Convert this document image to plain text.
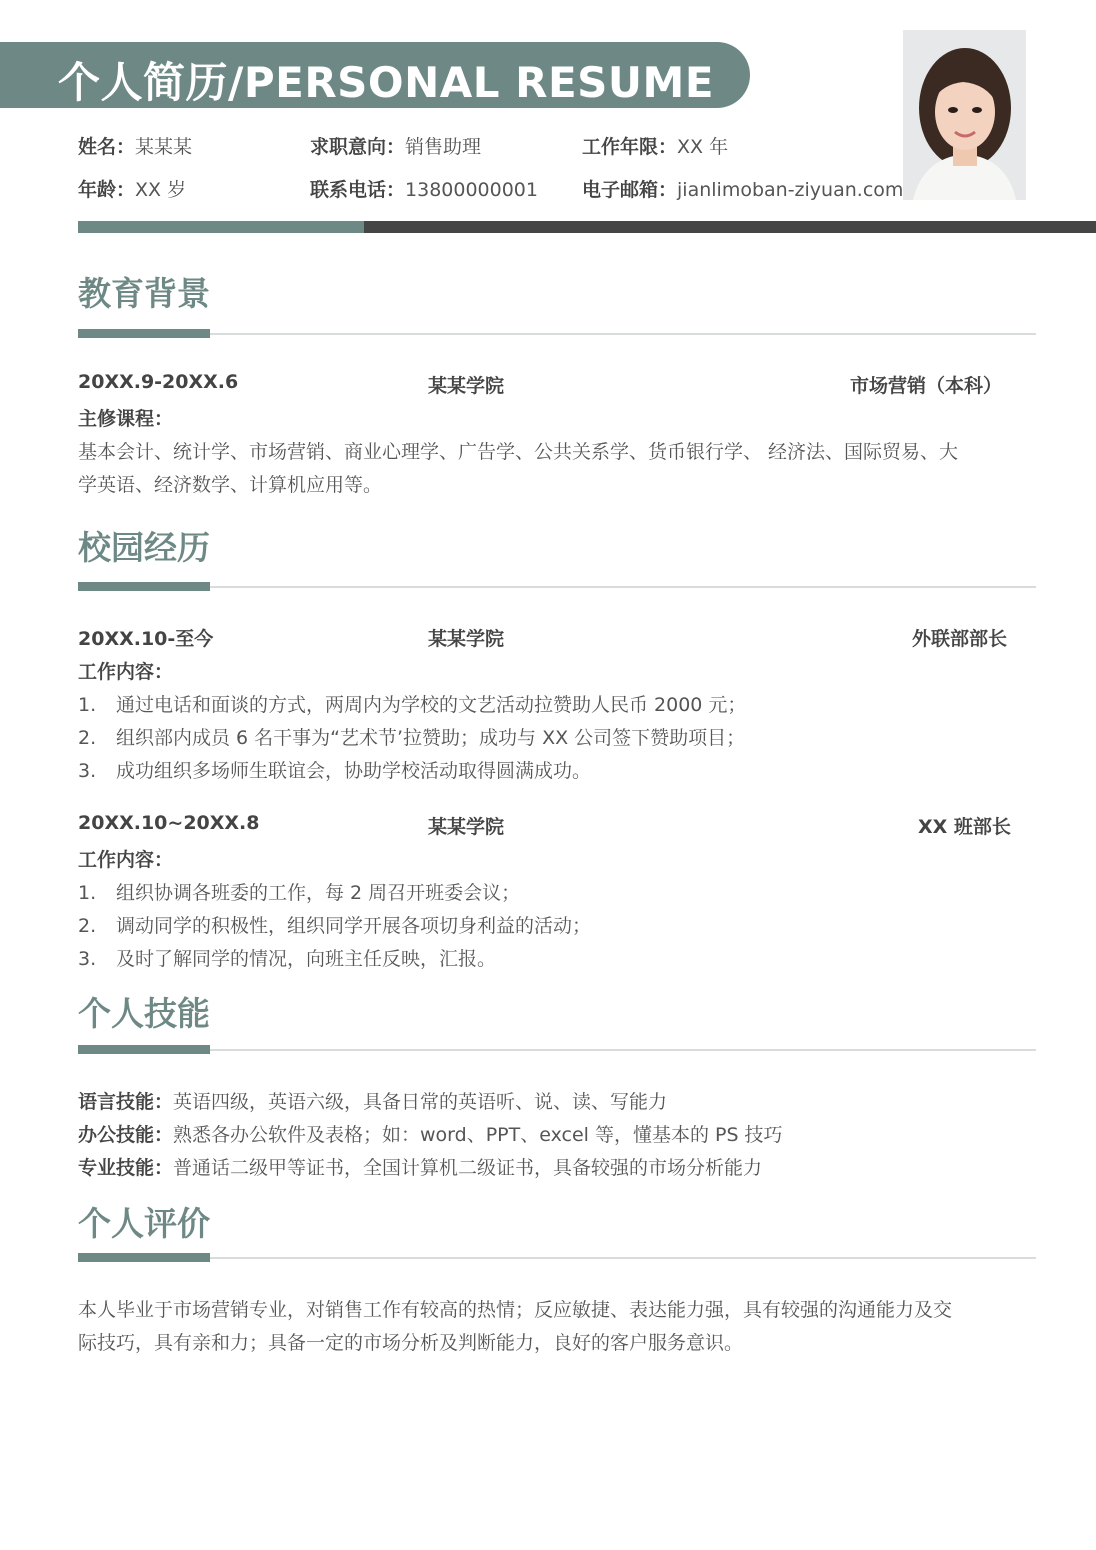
个人简历/PERSONAL RESUME
姓名：某某某	求职意向：销售助理	工作年限：XX 年
年龄：XX 岁	联系电话：13800000001 电子邮箱：jianlimoban-ziyuan.com
教育背景
20XX.9-20XX.6	某某学院	市场营销（本科）
主修课程：
基本会计、统计学、市场营销、商业心理学、广告学、公共关系学、货币银行学、 经济法、国际贸易、大
学英语、经济数学、计算机应用等。
校园经历
20XX.10-至今	某某学院	外联部部长
工作内容：
1. 通过电话和面谈的方式，两周内为学校的文艺活动拉赞助人民币 2000 元；
2. 组织部内成员 6 名干事为“艺术节’拉赞助；成功与 XX 公司签下赞助项目；
3. 成功组织多场师生联谊会，协助学校活动取得圆满成功。
20XX.10~20XX.8	某某学院	XX 班部长
工作内容：
1. 组织协调各班委的工作，每 2 周召开班委会议；
2. 调动同学的积极性，组织同学开展各项切身利益的活动；
3. 及时了解同学的情况，向班主任反映，汇报。
个人技能
语言技能：英语四级，英语六级，具备日常的英语听、说、读、写能力
办公技能：熟悉各办公软件及表格；如：word、PPT、excel 等，懂基本的 PS 技巧
专业技能：普通话二级甲等证书，全国计算机二级证书，具备较强的市场分析能力
个人评价
本人毕业于市场营销专业，对销售工作有较高的热情；反应敏捷、表达能力强，具有较强的沟通能力及交
际技巧，具有亲和力；具备一定的市场分析及判断能力，良好的客户服务意识。
